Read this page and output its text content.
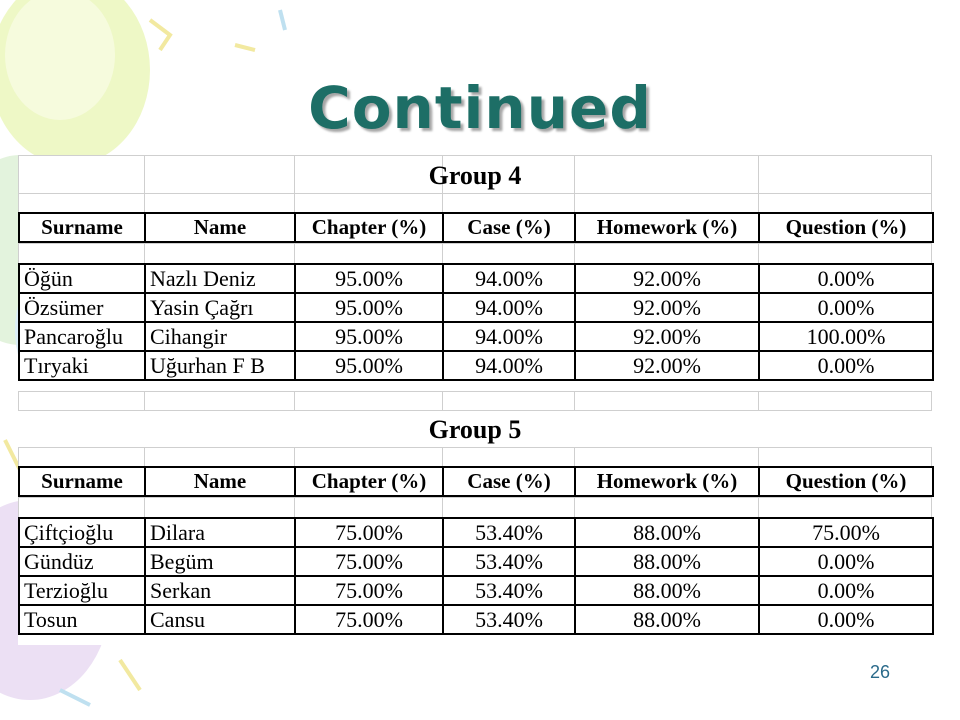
Continued
Group 4
Surname	Name	Chapter (%)	Case (%)	Homework (%)	Question (%)
Öğün	Nazlı Deniz	95.00%	94.00%	92.00%	0.00%
Özsümer	Yasin Çağrı	95.00%	94.00%	92.00%	0.00%
Pancaroğlu	Cihangir	95.00%	94.00%	92.00%	100.00%
Tıryaki	Uğurhan F B	95.00%	94.00%	92.00%	0.00%
Group 5
Surname	Name	Chapter (%)	Case (%)	Homework (%)	Question (%)
Çiftçioğlu	Dilara	75.00%	53.40%	88.00%	75.00%
Gündüz	Begüm	75.00%	53.40%	88.00%	0.00%
Terzioğlu	Serkan	75.00%	53.40%	88.00%	0.00%
Tosun	Cansu	75.00%	53.40%	88.00%	0.00%
26
